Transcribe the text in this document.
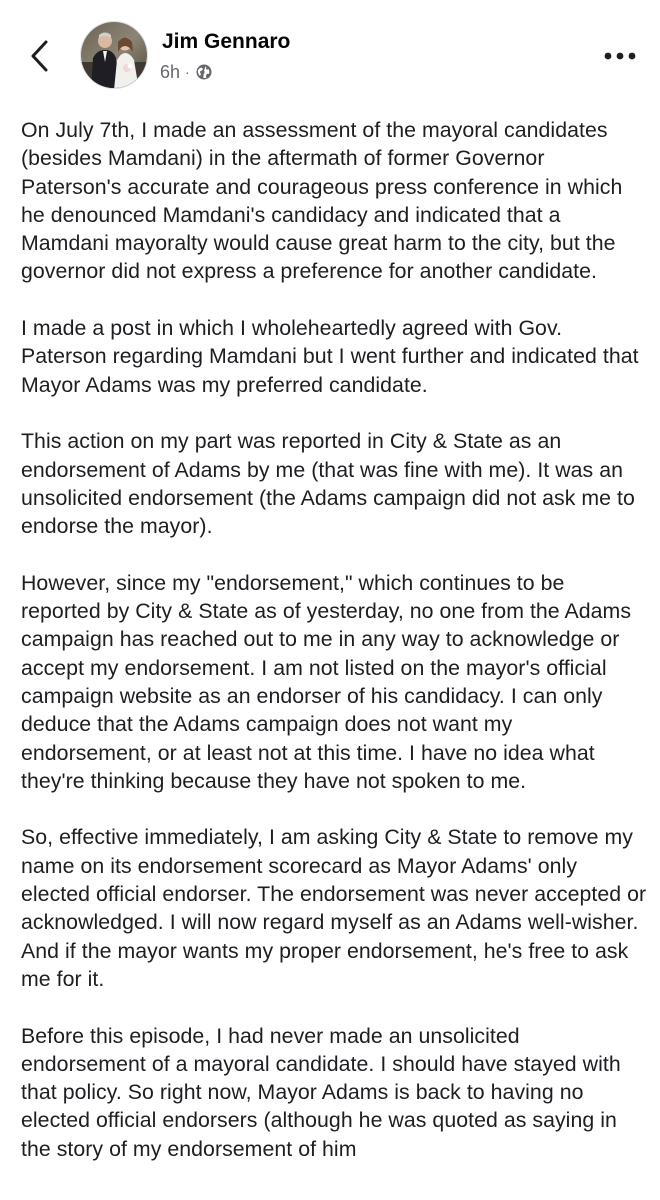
Jim Gennaro
6h ·

On July 7th, I made an assessment of the mayoral candidates (besides Mamdani) in the aftermath of former Governor Paterson's accurate and courageous press conference in which he denounced Mamdani's candidacy and indicated that a Mamdani mayoralty would cause great harm to the city, but the governor did not express a preference for another candidate.

I made a post in which I wholeheartedly agreed with Gov. Paterson regarding Mamdani but I went further and indicated that Mayor Adams was my preferred candidate.

This action on my part was reported in City & State as an endorsement of Adams by me (that was fine with me). It was an unsolicited endorsement (the Adams campaign did not ask me to endorse the mayor).

However, since my "endorsement," which continues to be reported by City & State as of yesterday, no one from the Adams campaign has reached out to me in any way to acknowledge or accept my endorsement. I am not listed on the mayor's official campaign website as an endorser of his candidacy. I can only deduce that the Adams campaign does not want my endorsement, or at least not at this time. I have no idea what they're thinking because they have not spoken to me.

So, effective immediately, I am asking City & State to remove my name on its endorsement scorecard as Mayor Adams' only elected official endorser. The endorsement was never accepted or acknowledged. I will now regard myself as an Adams well-wisher. And if the mayor wants my proper endorsement, he's free to ask me for it.

Before this episode, I had never made an unsolicited endorsement of a mayoral candidate. I should have stayed with that policy. So right now, Mayor Adams is back to having no elected official endorsers (although he was quoted as saying in the story of my endorsement of him
